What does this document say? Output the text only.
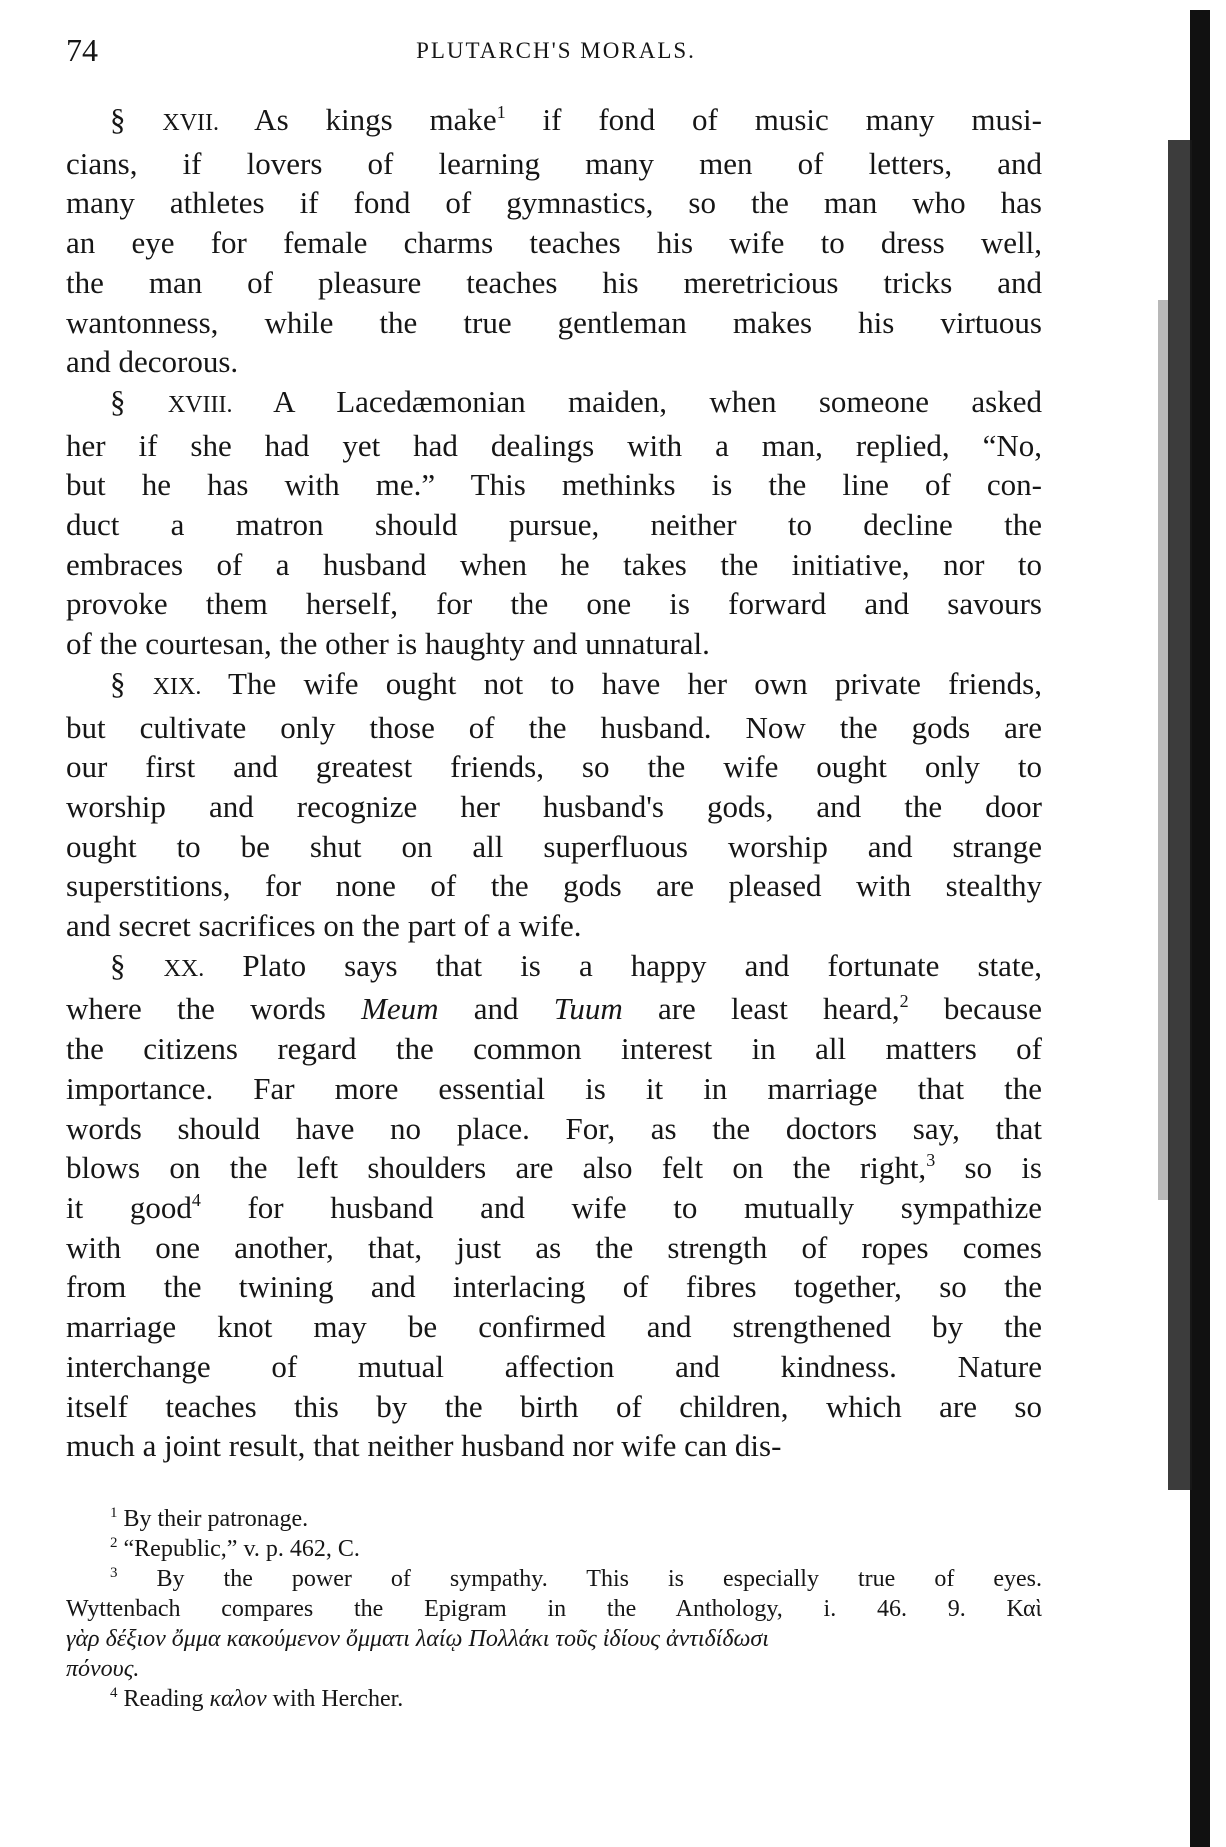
74	PLUTARCH'S MORALS.
§ XVII. As kings make$^1$ if fond of music many musi-
cians, if lovers of learning many men of letters, and
many athletes if fond of gymnastics, so the man who has
an eye for female charms teaches his wife to dress well,
the man of pleasure teaches his meretricious tricks and
wantonness, while the true gentleman makes his virtuous
and decorous.
§ XVIII. A Lacedæmonian maiden, when someone asked
her if she had yet had dealings with a man, replied, “No,
but he has with me.” This methinks is the line of con-
duct a matron should pursue, neither to decline the
embraces of a husband when he takes the initiative, nor to
provoke them herself, for the one is forward and savours
of the courtesan, the other is haughty and unnatural.
§ XIX. The wife ought not to have her own private friends,
but cultivate only those of the husband. Now the gods are
our first and greatest friends, so the wife ought only to
worship and recognize her husband's gods, and the door
ought to be shut on all superfluous worship and strange
superstitions, for none of the gods are pleased with stealthy
and secret sacrifices on the part of a wife.
§ XX. Plato says that is a happy and fortunate state,
where the words Meum and Tuum are least heard,$^2$ because
the citizens regard the common interest in all matters of
importance. Far more essential is it in marriage that the
words should have no place. For, as the doctors say, that
blows on the left shoulders are also felt on the right,$^3$ so is
it good$^4$ for husband and wife to mutually sympathize
with one another, that, just as the strength of ropes comes
from the twining and interlacing of fibres together, so the
marriage knot may be confirmed and strengthened by the
interchange of mutual affection and kindness. Nature
itself teaches this by the birth of children, which are so
much a joint result, that neither husband nor wife can dis-
$^1$ By their patronage.
$^2$ “Republic,” v. p. 462, C.
$^3$ By the power of sympathy. This is especially true of eyes.
Wyttenbach compares the Epigram in the Anthology, i. 46. 9. Καὶ
γὰρ δέξιον ὄμμα κακούμενον ὄμματι λαίῳ Πολλάκι τοῦς ἰδίους ἀντιδίδωσι
πόνους.
$^4$ Reading καλον with Hercher.
